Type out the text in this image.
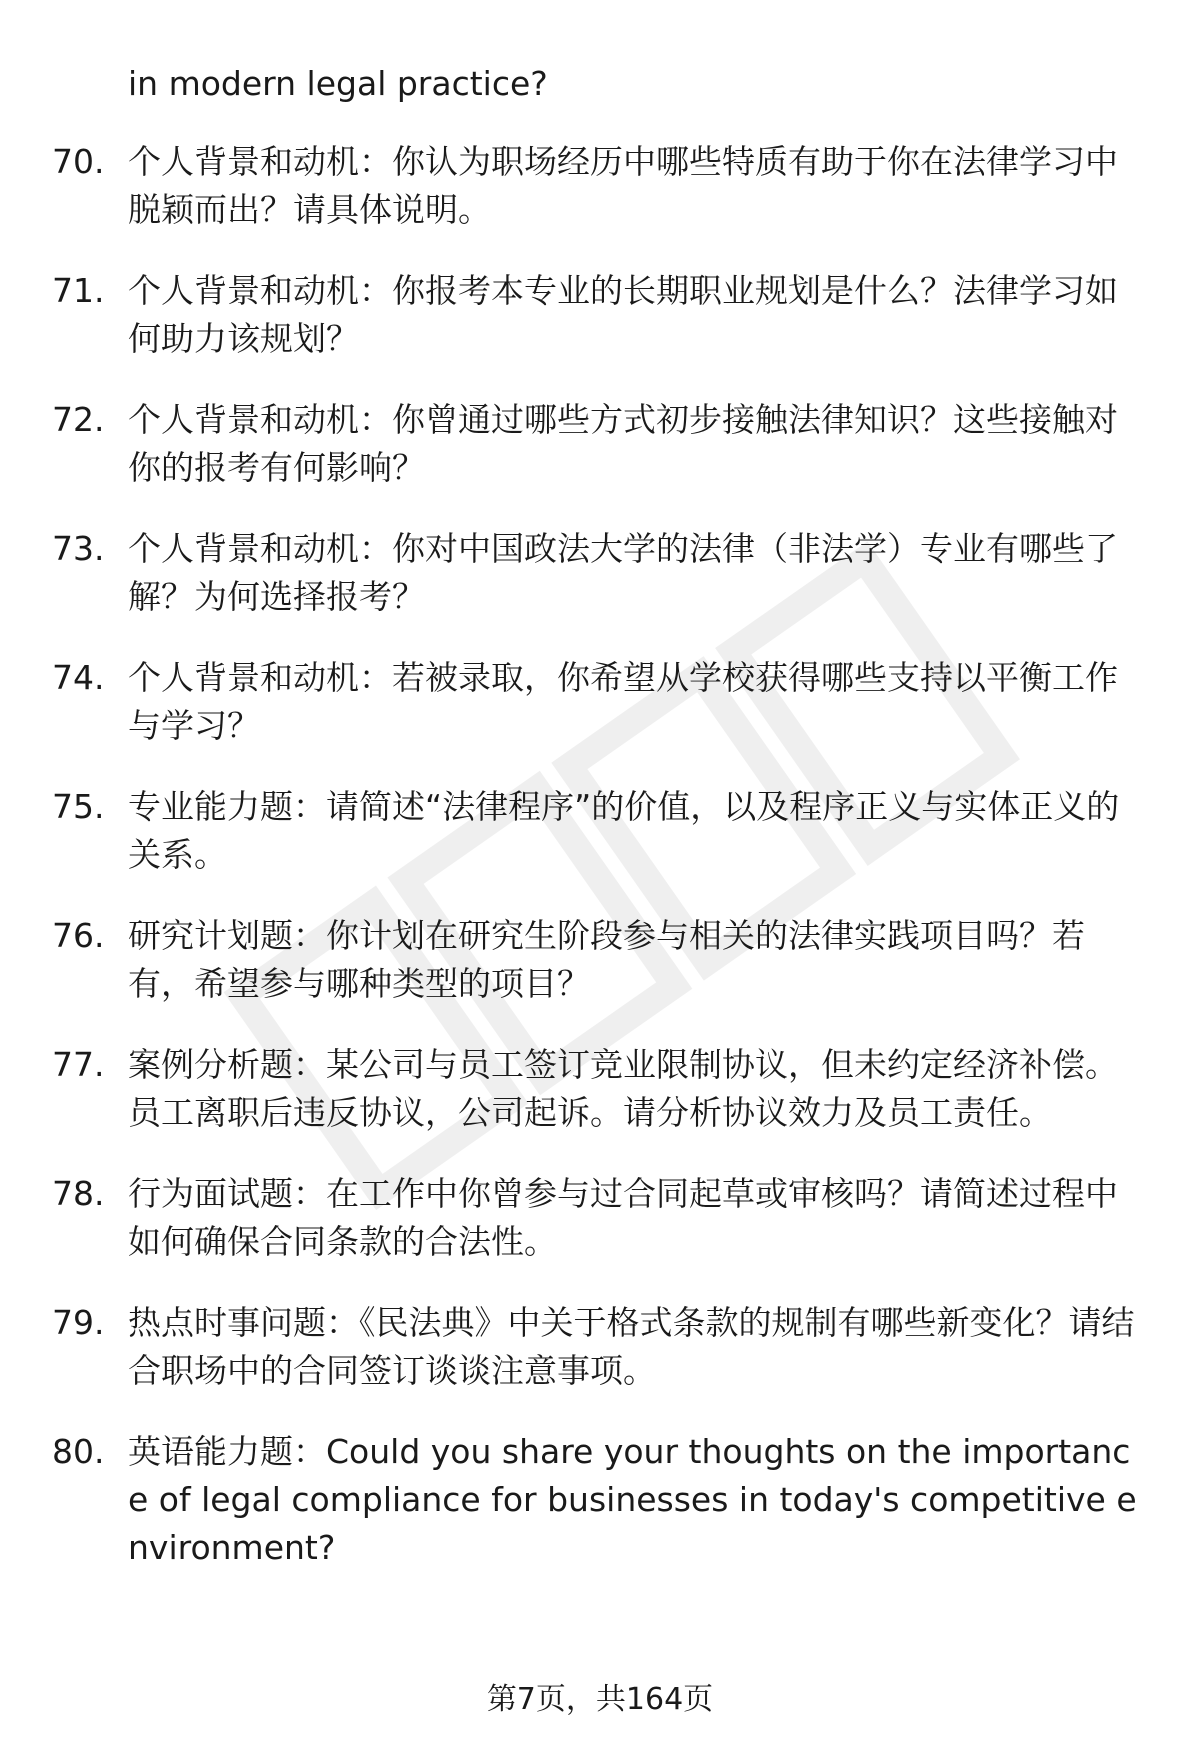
in modern legal practice?

70. 个人背景和动机：你认为职场经历中哪些特质有助于你在法律学习中脱颖而出？请具体说明。

71. 个人背景和动机：你报考本专业的长期职业规划是什么？法律学习如何助力该规划？

72. 个人背景和动机：你曾通过哪些方式初步接触法律知识？这些接触对你的报考有何影响？

73. 个人背景和动机：你对中国政法大学的法律（非法学）专业有哪些了解？为何选择报考？

74. 个人背景和动机：若被录取，你希望从学校获得哪些支持以平衡工作与学习？

75. 专业能力题：请简述“法律程序”的价值，以及程序正义与实体正义的关系。

76. 研究计划题：你计划在研究生阶段参与相关的法律实践项目吗？若有，希望参与哪种类型的项目？

77. 案例分析题：某公司与员工签订竞业限制协议，但未约定经济补偿。员工离职后违反协议，公司起诉。请分析协议效力及员工责任。

78. 行为面试题：在工作中你曾参与过合同起草或审核吗？请简述过程中如何确保合同条款的合法性。

79. 热点时事问题：《民法典》中关于格式条款的规制有哪些新变化？请结合职场中的合同签订谈谈注意事项。

80. 英语能力题：Could you share your thoughts on the importance of legal compliance for businesses in today's competitive environment?

第7页，共164页
